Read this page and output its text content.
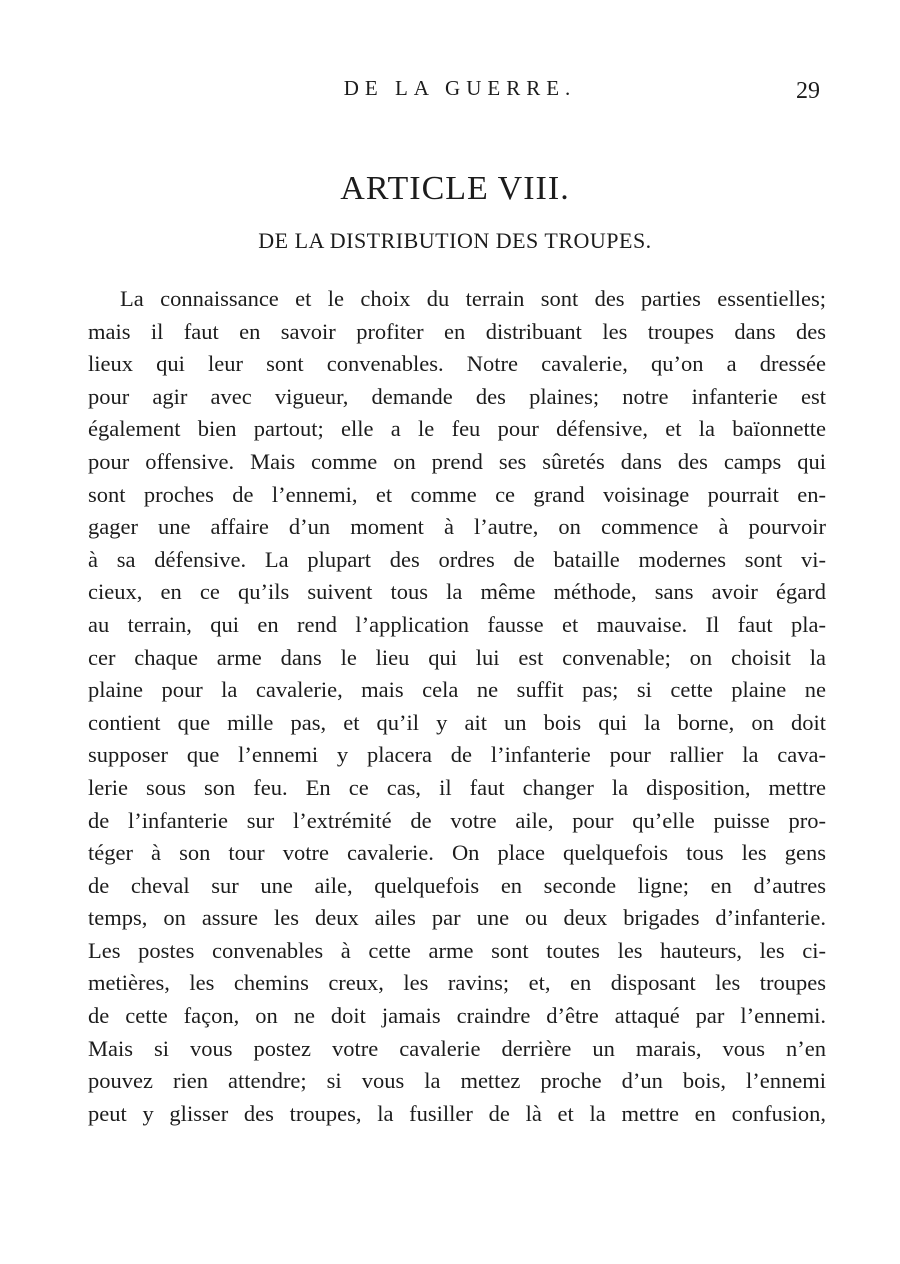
DE LA GUERRE.	29
ARTICLE VIII.
DE LA DISTRIBUTION DES TROUPES.
La connaissance et le choix du terrain sont des parties essentielles;
mais il faut en savoir profiter en distribuant les troupes dans des
lieux qui leur sont convenables. Notre cavalerie, qu’on a dressée
pour agir avec vigueur, demande des plaines; notre infanterie est
également bien partout; elle a le feu pour défensive, et la baïonnette
pour offensive. Mais comme on prend ses sûretés dans des camps qui
sont proches de l’ennemi, et comme ce grand voisinage pourrait en-
gager une affaire d’un moment à l’autre, on commence à pourvoir
à sa défensive. La plupart des ordres de bataille modernes sont vi-
cieux, en ce qu’ils suivent tous la même méthode, sans avoir égard
au terrain, qui en rend l’application fausse et mauvaise. Il faut pla-
cer chaque arme dans le lieu qui lui est convenable; on choisit la
plaine pour la cavalerie, mais cela ne suffit pas; si cette plaine ne
contient que mille pas, et qu’il y ait un bois qui la borne, on doit
supposer que l’ennemi y placera de l’infanterie pour rallier la cava-
lerie sous son feu. En ce cas, il faut changer la disposition, mettre
de l’infanterie sur l’extrémité de votre aile, pour qu’elle puisse pro-
téger à son tour votre cavalerie. On place quelquefois tous les gens
de cheval sur une aile, quelquefois en seconde ligne; en d’autres
temps, on assure les deux ailes par une ou deux brigades d’infanterie.
Les postes convenables à cette arme sont toutes les hauteurs, les ci-
metières, les chemins creux, les ravins; et, en disposant les troupes
de cette façon, on ne doit jamais craindre d’être attaqué par l’ennemi.
Mais si vous postez votre cavalerie derrière un marais, vous n’en
pouvez rien attendre; si vous la mettez proche d’un bois, l’ennemi
peut y glisser des troupes, la fusiller de là et la mettre en confusion,
